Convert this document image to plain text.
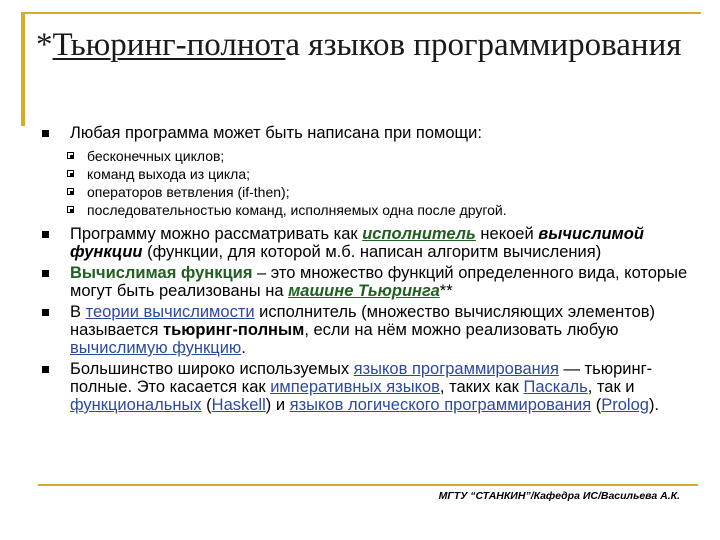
*Тьюринг-полнота языков программирования
Любая программа может быть написана при помощи:
бесконечных циклов;
команд выхода из цикла;
операторов ветвления (if-then);
последовательностью команд, исполняемых одна после другой.
Программу можно рассматривать как исполнитель некоей вычислимой функции (функции, для которой м.б. написан алгоритм вычисления)
Вычислимая функция – это множество функций определенного вида, которые могут быть реализованы на машине Тьюринга**
В теории вычислимости исполнитель (множество вычисляющих элементов) называется тьюринг-полным, если на нём можно реализовать любую вычислимую функцию.
Большинство широко используемых языков программирования — тьюринг-полные. Это касается как императивных языков, таких как Паскаль, так и функциональных (Haskell) и языков логического программирования (Prolog).
МГТУ “СТАНКИН”/Кафедра ИС/Васильева А.К.
